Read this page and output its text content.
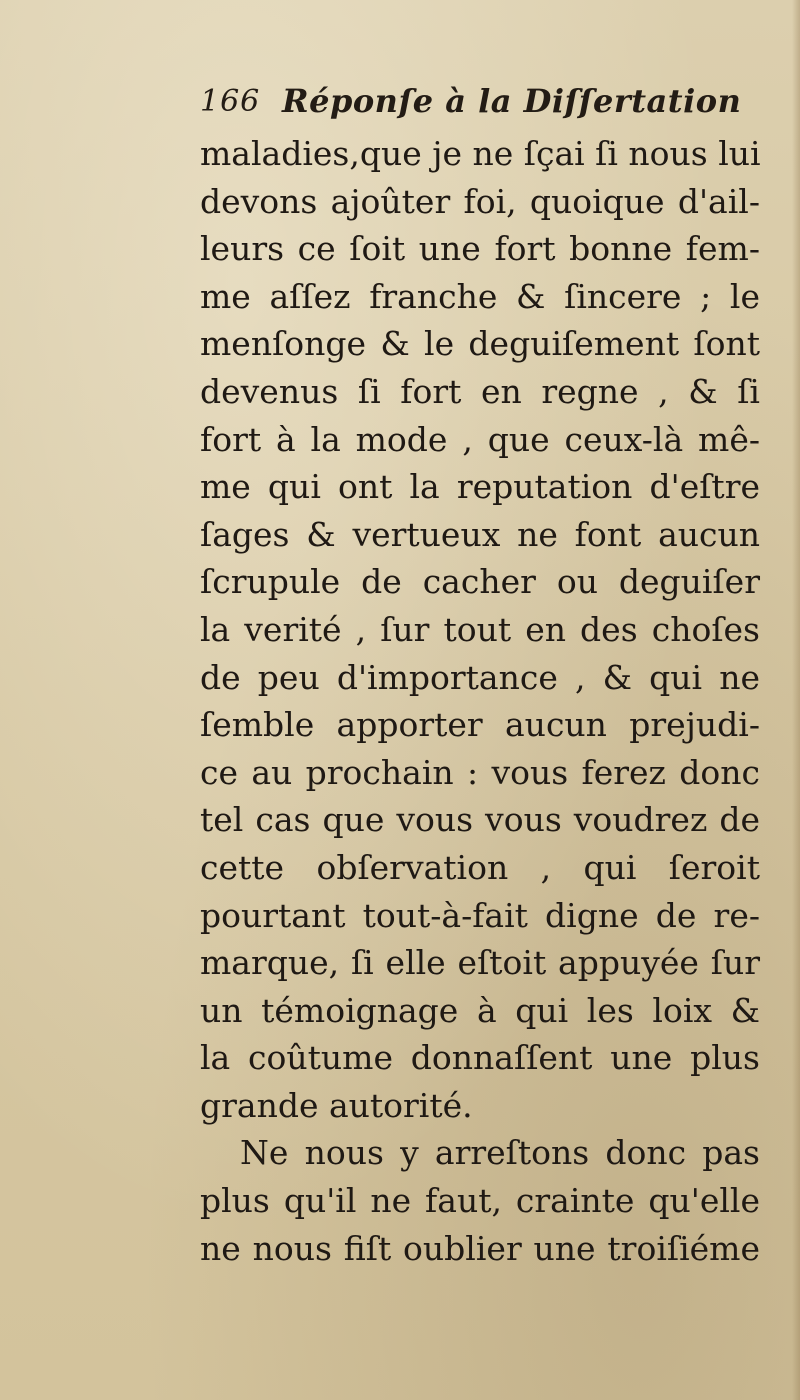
166 Réponſe à la Diſſertation
maladies,que je ne ſçai ſi nous lui
devons ajoûter foi, quoique d'ail-
leurs ce ſoit une fort bonne fem-
me aſſez franche & ſincere ; le
menſonge & le deguiſement ſont
devenus ſi fort en regne , & ſi
fort à la mode , que ceux-là mê-
me qui ont la reputation d'eſtre
ſages & vertueux ne font aucun
ſcrupule de cacher ou deguiſer
la verité , ſur tout en des choſes
de peu d'importance , & qui ne
ſemble apporter aucun prejudi-
ce au prochain : vous ferez donc
tel cas que vous vous voudrez de
cette obſervation , qui ſeroit
pourtant tout-à-fait digne de re-
marque, ſi elle eſtoit appuyée ſur
un témoignage à qui les loix &
la coûtume donnaſſent une plus
grande autorité.
Ne nous y arreſtons donc pas
plus qu'il ne faut, crainte qu'elle
ne nous fiſt oublier une troiſiéme
